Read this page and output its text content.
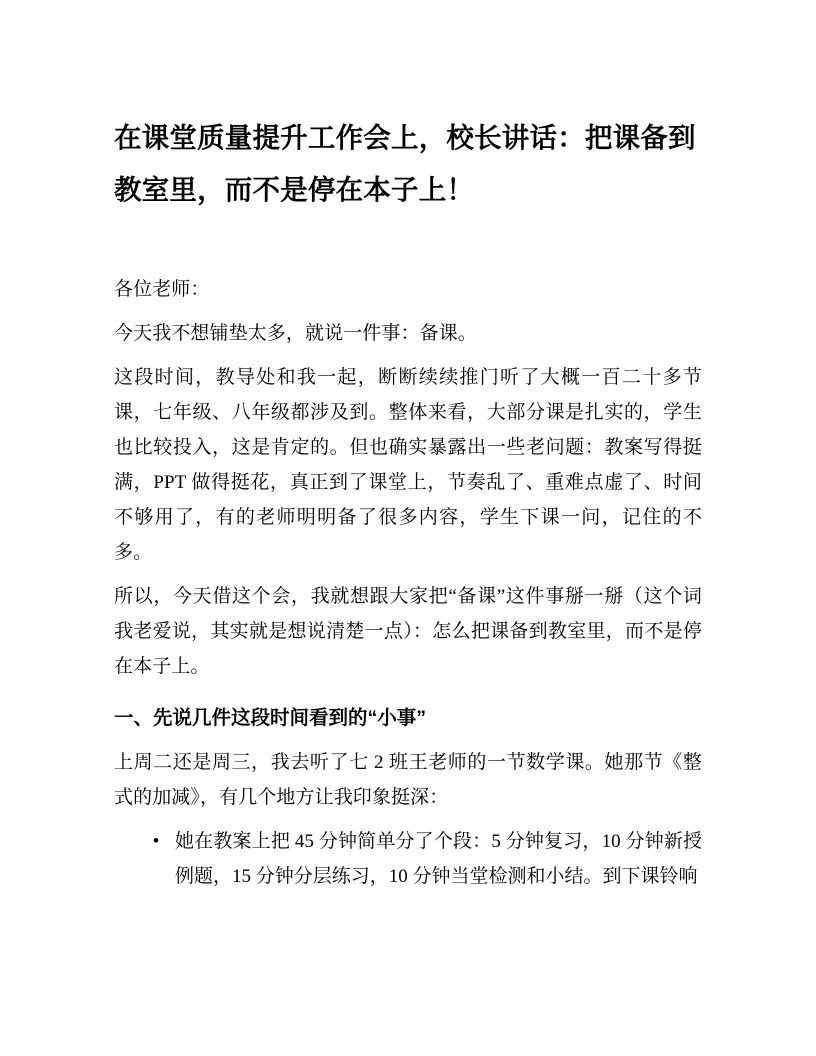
在课堂质量提升工作会上，校长讲话：把课备到教室里，而不是停在本子上！

各位老师：

今天我不想铺垫太多，就说一件事：备课。

这段时间，教导处和我一起，断断续续推门听了大概一百二十多节课，七年级、八年级都涉及到。整体来看，大部分课是扎实的，学生也比较投入，这是肯定的。但也确实暴露出一些老问题：教案写得挺满，PPT 做得挺花，真正到了课堂上，节奏乱了、重难点虚了、时间不够用了，有的老师明明备了很多内容，学生下课一问，记住的不多。

所以，今天借这个会，我就想跟大家把“备课”这件事掰一掰（这个词我老爱说，其实就是想说清楚一点）：怎么把课备到教室里，而不是停在本子上。

一、先说几件这段时间看到的“小事”

上周二还是周三，我去听了七 2 班王老师的一节数学课。她那节《整式的加减》，有几个地方让我印象挺深：

• 她在教案上把 45 分钟简单分了个段：5 分钟复习，10 分钟新授例题，15 分钟分层练习，10 分钟当堂检测和小结。到下课铃响
